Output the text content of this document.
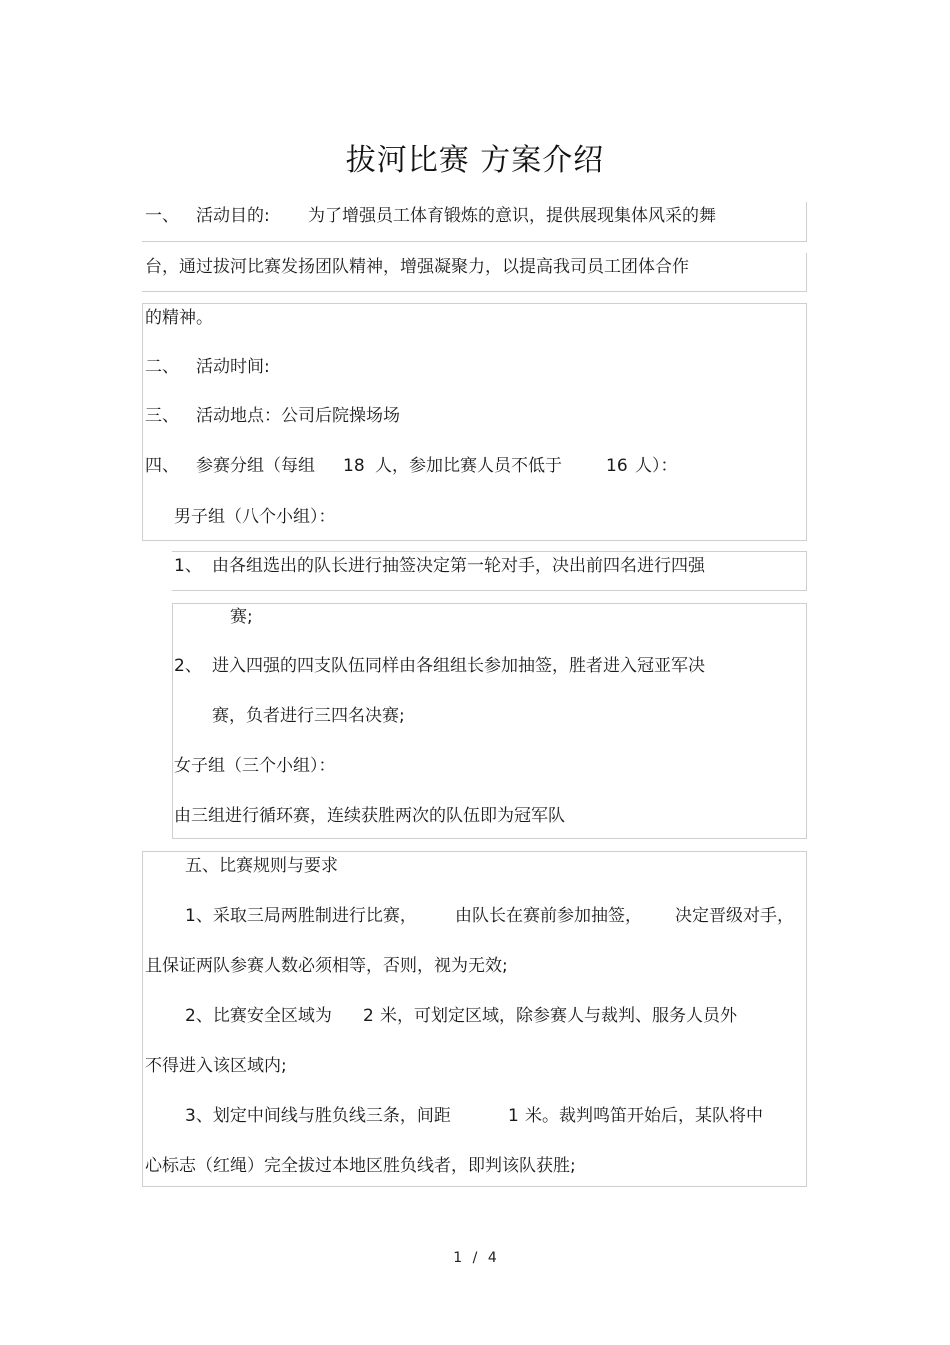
拔河比赛 方案介绍
一、 活动目的: 为了增强员工体育锻炼的意识，提供展现集体风采的舞
台，通过拔河比赛发扬团队精神，增强凝聚力，以提高我司员工团体合作
的精神。
二、 活动时间:
三、 活动地点：公司后院操场场
四、 参赛分组（每组 18 人，参加比赛人员不低于	16 人）：
男子组（八个小组）：
1、 由各组选出的队长进行抽签决定第一轮对手，决出前四名进行四强
赛;
2、 进入四强的四支队伍同样由各组组长参加抽签，胜者进入冠亚军决
赛，负者进行三四名决赛;
女子组（三个小组）：
由三组进行循环赛，连续获胜两次的队伍即为冠军队
五、比赛规则与要求
1、采取三局两胜制进行比赛， 由队长在赛前参加抽签， 决定晋级对手，
且保证两队参赛人数必须相等，否则，视为无效;
2、比赛安全区域为 2 米，可划定区域，除参赛人与裁判、服务人员外
不得进入该区域内;
3、划定中间线与胜负线三条，间距	1 米。裁判鸣笛开始后，某队将中
心标志（红绳）完全拔过本地区胜负线者，即判该队获胜;
1 / 4
